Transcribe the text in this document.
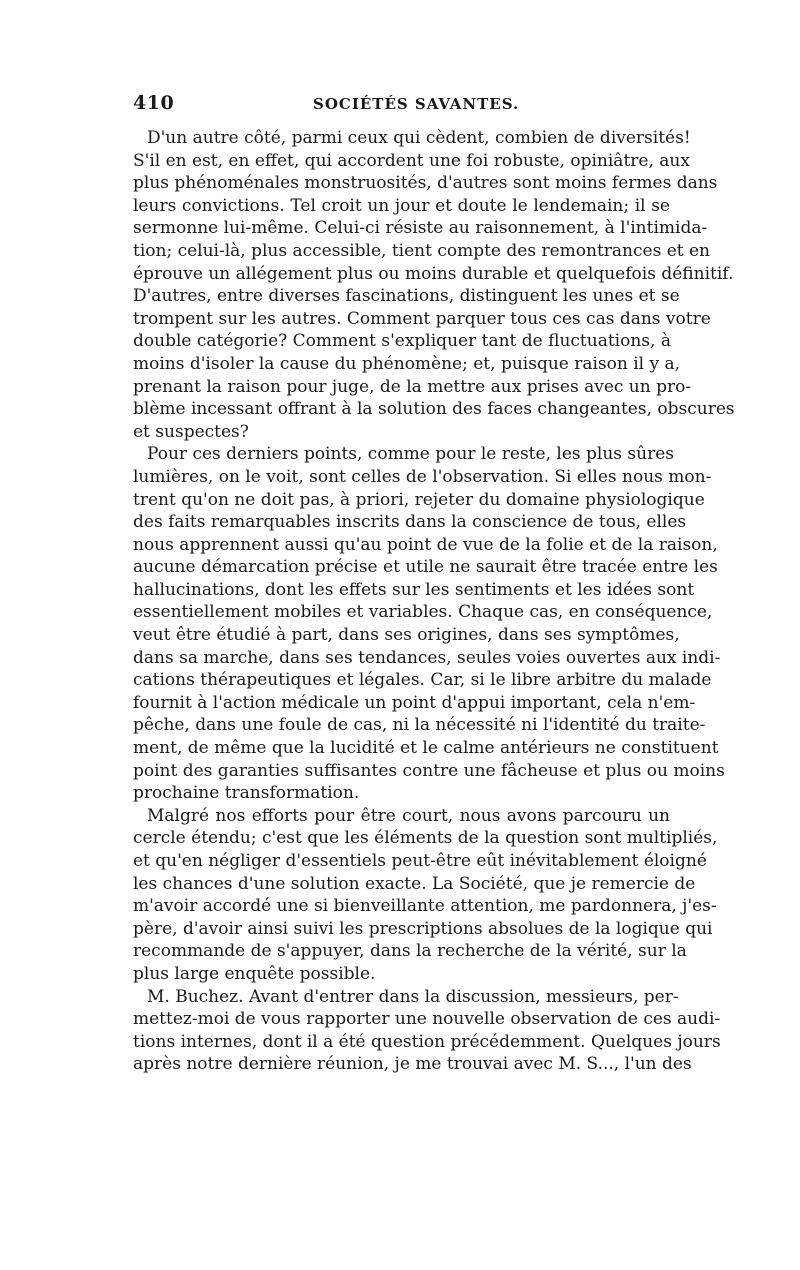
410	SOCIÉTÉS SAVANTES.
D'un autre côté, parmi ceux qui cèdent, combien de diversités!
S'il en est, en effet, qui accordent une foi robuste, opiniâtre, aux
plus phénoménales monstruosités, d'autres sont moins fermes dans
leurs convictions. Tel croit un jour et doute le lendemain; il se
sermonne lui-même. Celui-ci résiste au raisonnement, à l'intimida-
tion; celui-là, plus accessible, tient compte des remontrances et en
éprouve un allégement plus ou moins durable et quelquefois définitif.
D'autres, entre diverses fascinations, distinguent les unes et se
trompent sur les autres. Comment parquer tous ces cas dans votre
double catégorie? Comment s'expliquer tant de fluctuations, à
moins d'isoler la cause du phénomène; et, puisque raison il y a,
prenant la raison pour juge, de la mettre aux prises avec un pro-
blème incessant offrant à la solution des faces changeantes, obscures
et suspectes?
Pour ces derniers points, comme pour le reste, les plus sûres
lumières, on le voit, sont celles de l'observation. Si elles nous mon-
trent qu'on ne doit pas, à priori, rejeter du domaine physiologique
des faits remarquables inscrits dans la conscience de tous, elles
nous apprennent aussi qu'au point de vue de la folie et de la raison,
aucune démarcation précise et utile ne saurait être tracée entre les
hallucinations, dont les effets sur les sentiments et les idées sont
essentiellement mobiles et variables. Chaque cas, en conséquence,
veut être étudié à part, dans ses origines, dans ses symptômes,
dans sa marche, dans ses tendances, seules voies ouvertes aux indi-
cations thérapeutiques et légales. Car, si le libre arbitre du malade
fournit à l'action médicale un point d'appui important, cela n'em-
pêche, dans une foule de cas, ni la nécessité ni l'identité du traite-
ment, de même que la lucidité et le calme antérieurs ne constituent
point des garanties suffisantes contre une fâcheuse et plus ou moins
prochaine transformation.
Malgré nos efforts pour être court, nous avons parcouru un
cercle étendu; c'est que les éléments de la question sont multipliés,
et qu'en négliger d'essentiels peut-être eût inévitablement éloigné
les chances d'une solution exacte. La Société, que je remercie de
m'avoir accordé une si bienveillante attention, me pardonnera, j'es-
père, d'avoir ainsi suivi les prescriptions absolues de la logique qui
recommande de s'appuyer, dans la recherche de la vérité, sur la
plus large enquête possible.
M. Buchez. Avant d'entrer dans la discussion, messieurs, per-
mettez-moi de vous rapporter une nouvelle observation de ces audi-
tions internes, dont il a été question précédemment. Quelques jours
après notre dernière réunion, je me trouvai avec M. S..., l'un des
